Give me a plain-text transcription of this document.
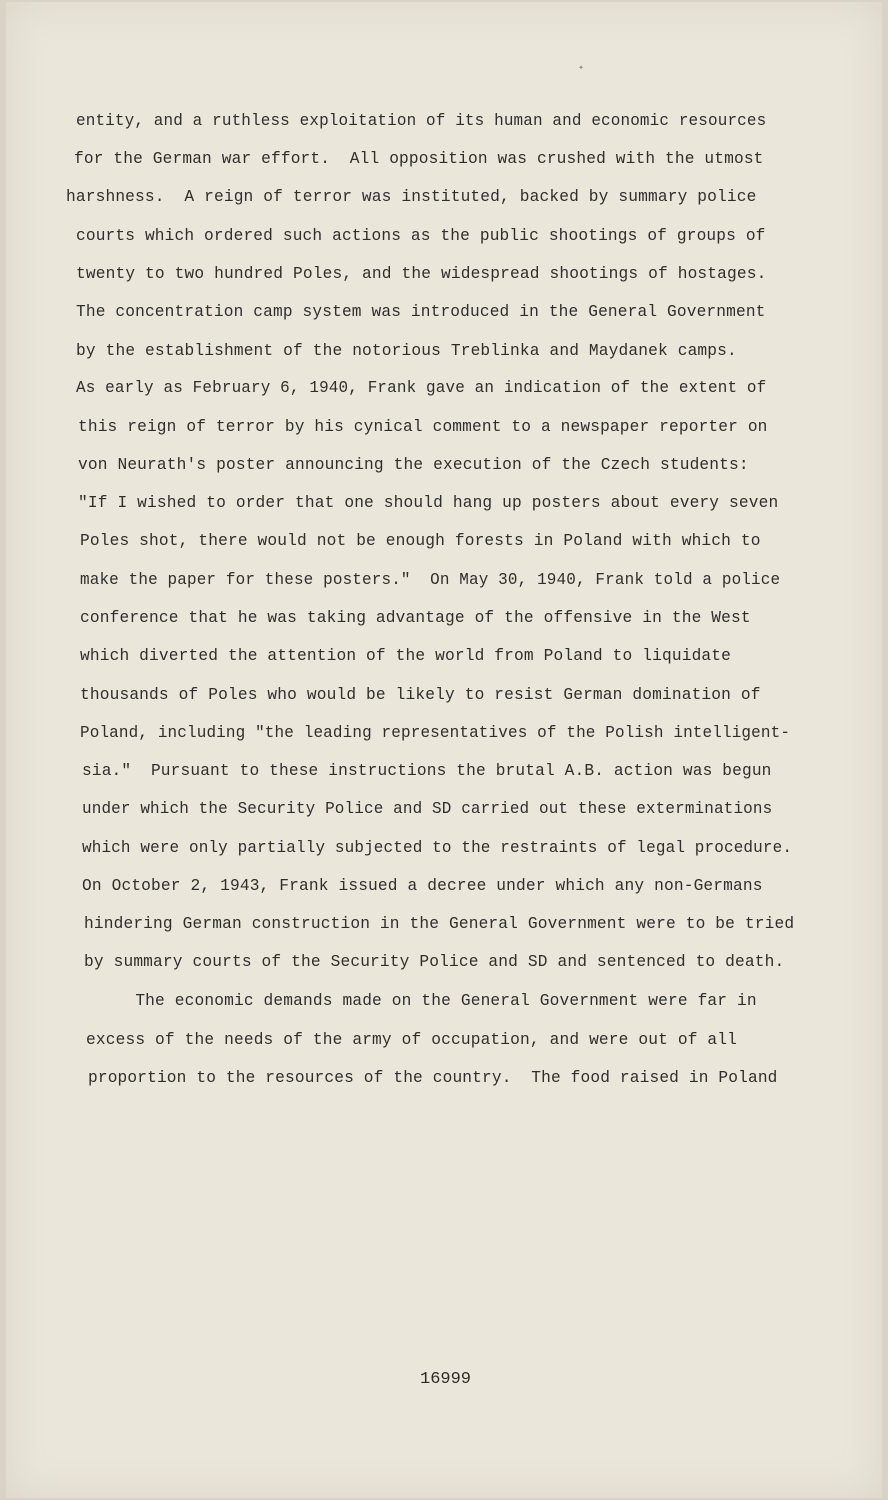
✦
entity, and a ruthless exploitation of its human and economic resources
for the German war effort.  All opposition was crushed with the utmost
harshness.  A reign of terror was instituted, backed by summary police
courts which ordered such actions as the public shootings of groups of
twenty to two hundred Poles, and the widespread shootings of hostages.
The concentration camp system was introduced in the General Government
by the establishment of the notorious Treblinka and Maydanek camps.
As early as February 6, 1940, Frank gave an indication of the extent of
this reign of terror by his cynical comment to a newspaper reporter on
von Neurath's poster announcing the execution of the Czech students:
"If I wished to order that one should hang up posters about every seven
Poles shot, there would not be enough forests in Poland with which to
make the paper for these posters."  On May 30, 1940, Frank told a police
conference that he was taking advantage of the offensive in the West
which diverted the attention of the world from Poland to liquidate
thousands of Poles who would be likely to resist German domination of
Poland, including "the leading representatives of the Polish intelligent-
sia."  Pursuant to these instructions the brutal A.B. action was begun
under which the Security Police and SD carried out these exterminations
which were only partially subjected to the restraints of legal procedure.
On October 2, 1943, Frank issued a decree under which any non-Germans
hindering German construction in the General Government were to be tried
by summary courts of the Security Police and SD and sentenced to death.
The economic demands made on the General Government were far in
excess of the needs of the army of occupation, and were out of all
proportion to the resources of the country.  The food raised in Poland
16999
